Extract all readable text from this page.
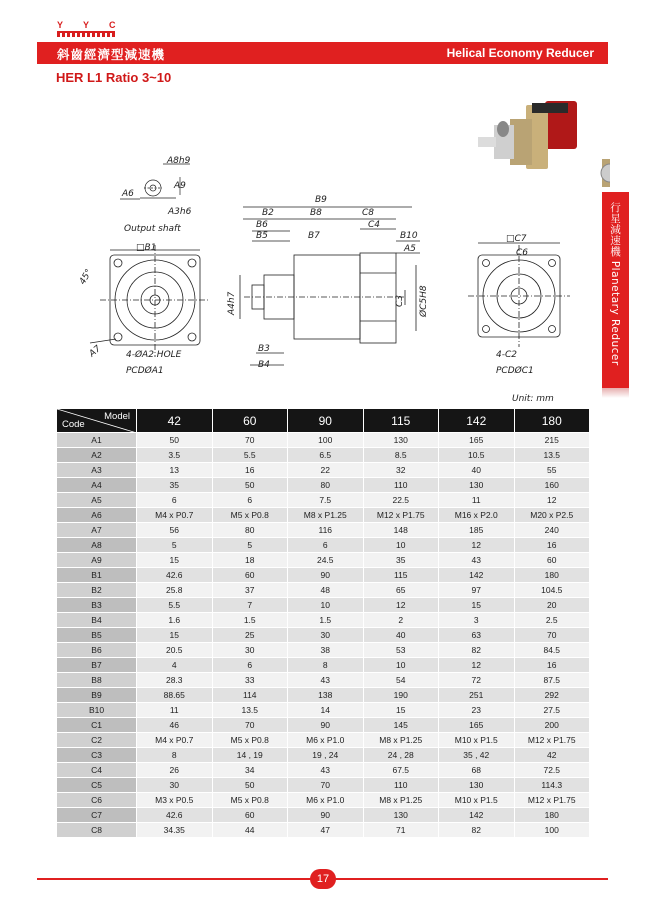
Y Y C
斜齒經濟型減速機	Helical Economy Reducer
HER L1 Ratio 3~10
行星減速機 Planetary Reducer
A8h9
A6
A9
A3h6
Output shaft
□B1
45°
A7	4-ØA2 HOLE
PCDØA1
B9
B2	B8	C8
B6	C4
B5	B7	B10
A5
A4h7	C3 ØC5H8
B3
B4
□C7
C6
4-C2
PCDØC1
Unit: mm
Model
Code	42	60	90	115	142	180
A1	50	70	100	130	165	215
A2	3.5	5.5	6.5	8.5	10.5	13.5
A3	13	16	22	32	40	55
A4	35	50	80	110	130	160
A5	6	6	7.5	22.5	11	12
A6	M4 x P0.7	M5 x P0.8	M8 x P1.25	M12 x P1.75	M16 x P2.0	M20 x P2.5
A7	56	80	116	148	185	240
A8	5	5	6	10	12	16
A9	15	18	24.5	35	43	60
B1	42.6	60	90	115	142	180
B2	25.8	37	48	65	97	104.5
B3	5.5	7	10	12	15	20
B4	1.6	1.5	1.5	2	3	2.5
B5	15	25	30	40	63	70
B6	20.5	30	38	53	82	84.5
B7	4	6	8	10	12	16
B8	28.3	33	43	54	72	87.5
B9	88.65	114	138	190	251	292
B10	11	13.5	14	15	23	27.5
C1	46	70	90	145	165	200
C2	M4 x P0.7	M5 x P0.8	M6 x P1.0	M8 x P1.25	M10 x P1.5	M12 x P1.75
C3	8	14 , 19	19 , 24	24 , 28	35 , 42	42
C4	26	34	43	67.5	68	72.5
C5	30	50	70	110	130	114.3
C6	M3 x P0.5	M5 x P0.8	M6 x P1.0	M8 x P1.25	M10 x P1.5	M12 x P1.75
C7	42.6	60	90	130	142	180
C8	34.35	44	47	71	82	100
17
